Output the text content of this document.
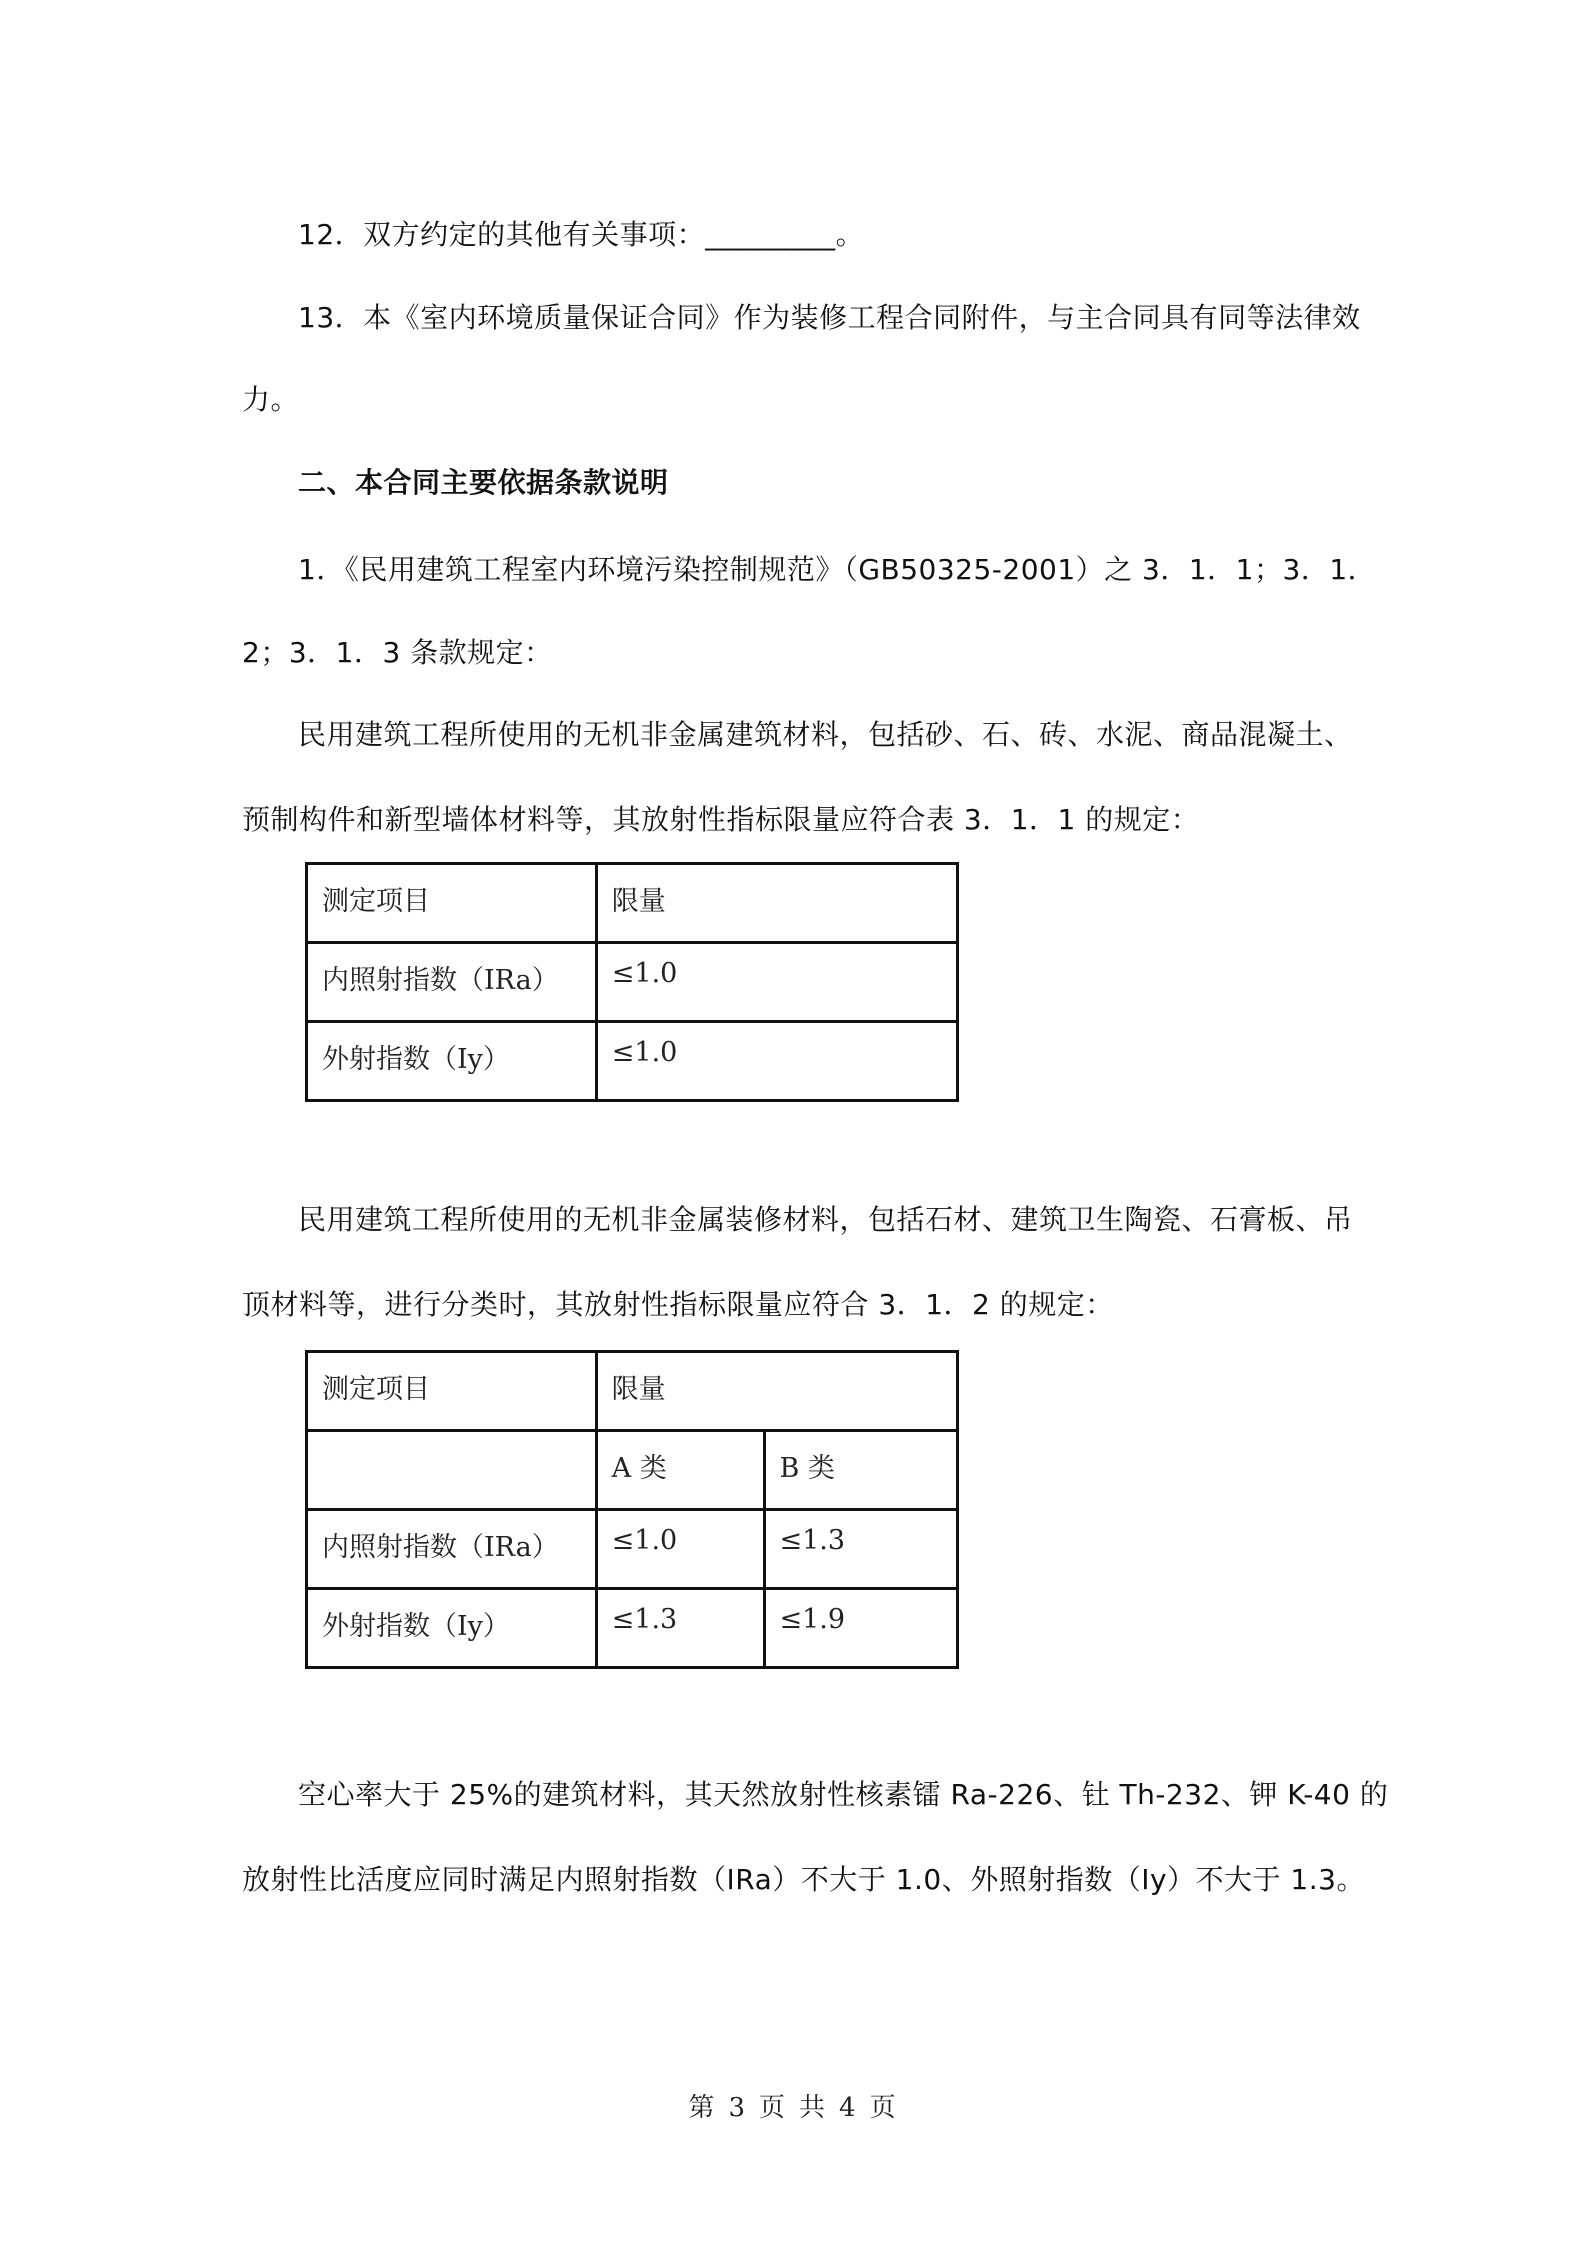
12．双方约定的其他有关事项：_________。
13．本《室内环境质量保证合同》作为装修工程合同附件，与主合同具有同等法律效
力。
二、本合同主要依据条款说明
1．《民用建筑工程室内环境污染控制规范》（GB50325-2001）之 3．1．1；3．1．
2；3．1．3 条款规定：
民用建筑工程所使用的无机非金属建筑材料，包括砂、石、砖、水泥、商品混凝土、
预制构件和新型墙体材料等，其放射性指标限量应符合表 3．1．1 的规定：
测定项目	限量
内照射指数（IRa）	≤1.0
外射指数（Iy）	≤1.0
民用建筑工程所使用的无机非金属装修材料，包括石材、建筑卫生陶瓷、石膏板、吊
顶材料等，进行分类时，其放射性指标限量应符合 3．1．2 的规定：
测定项目	限量	
	A 类	B 类
内照射指数（IRa）	≤1.0	≤1.3
外射指数（Iy）	≤1.3	≤1.9
空心率大于 25%的建筑材料，其天然放射性核素镭 Ra-226、钍 Th-232、钾 K-40 的
放射性比活度应同时满足内照射指数（IRa）不大于 1.0、外照射指数（Iy）不大于 1.3。
第 3 页 共 4 页
